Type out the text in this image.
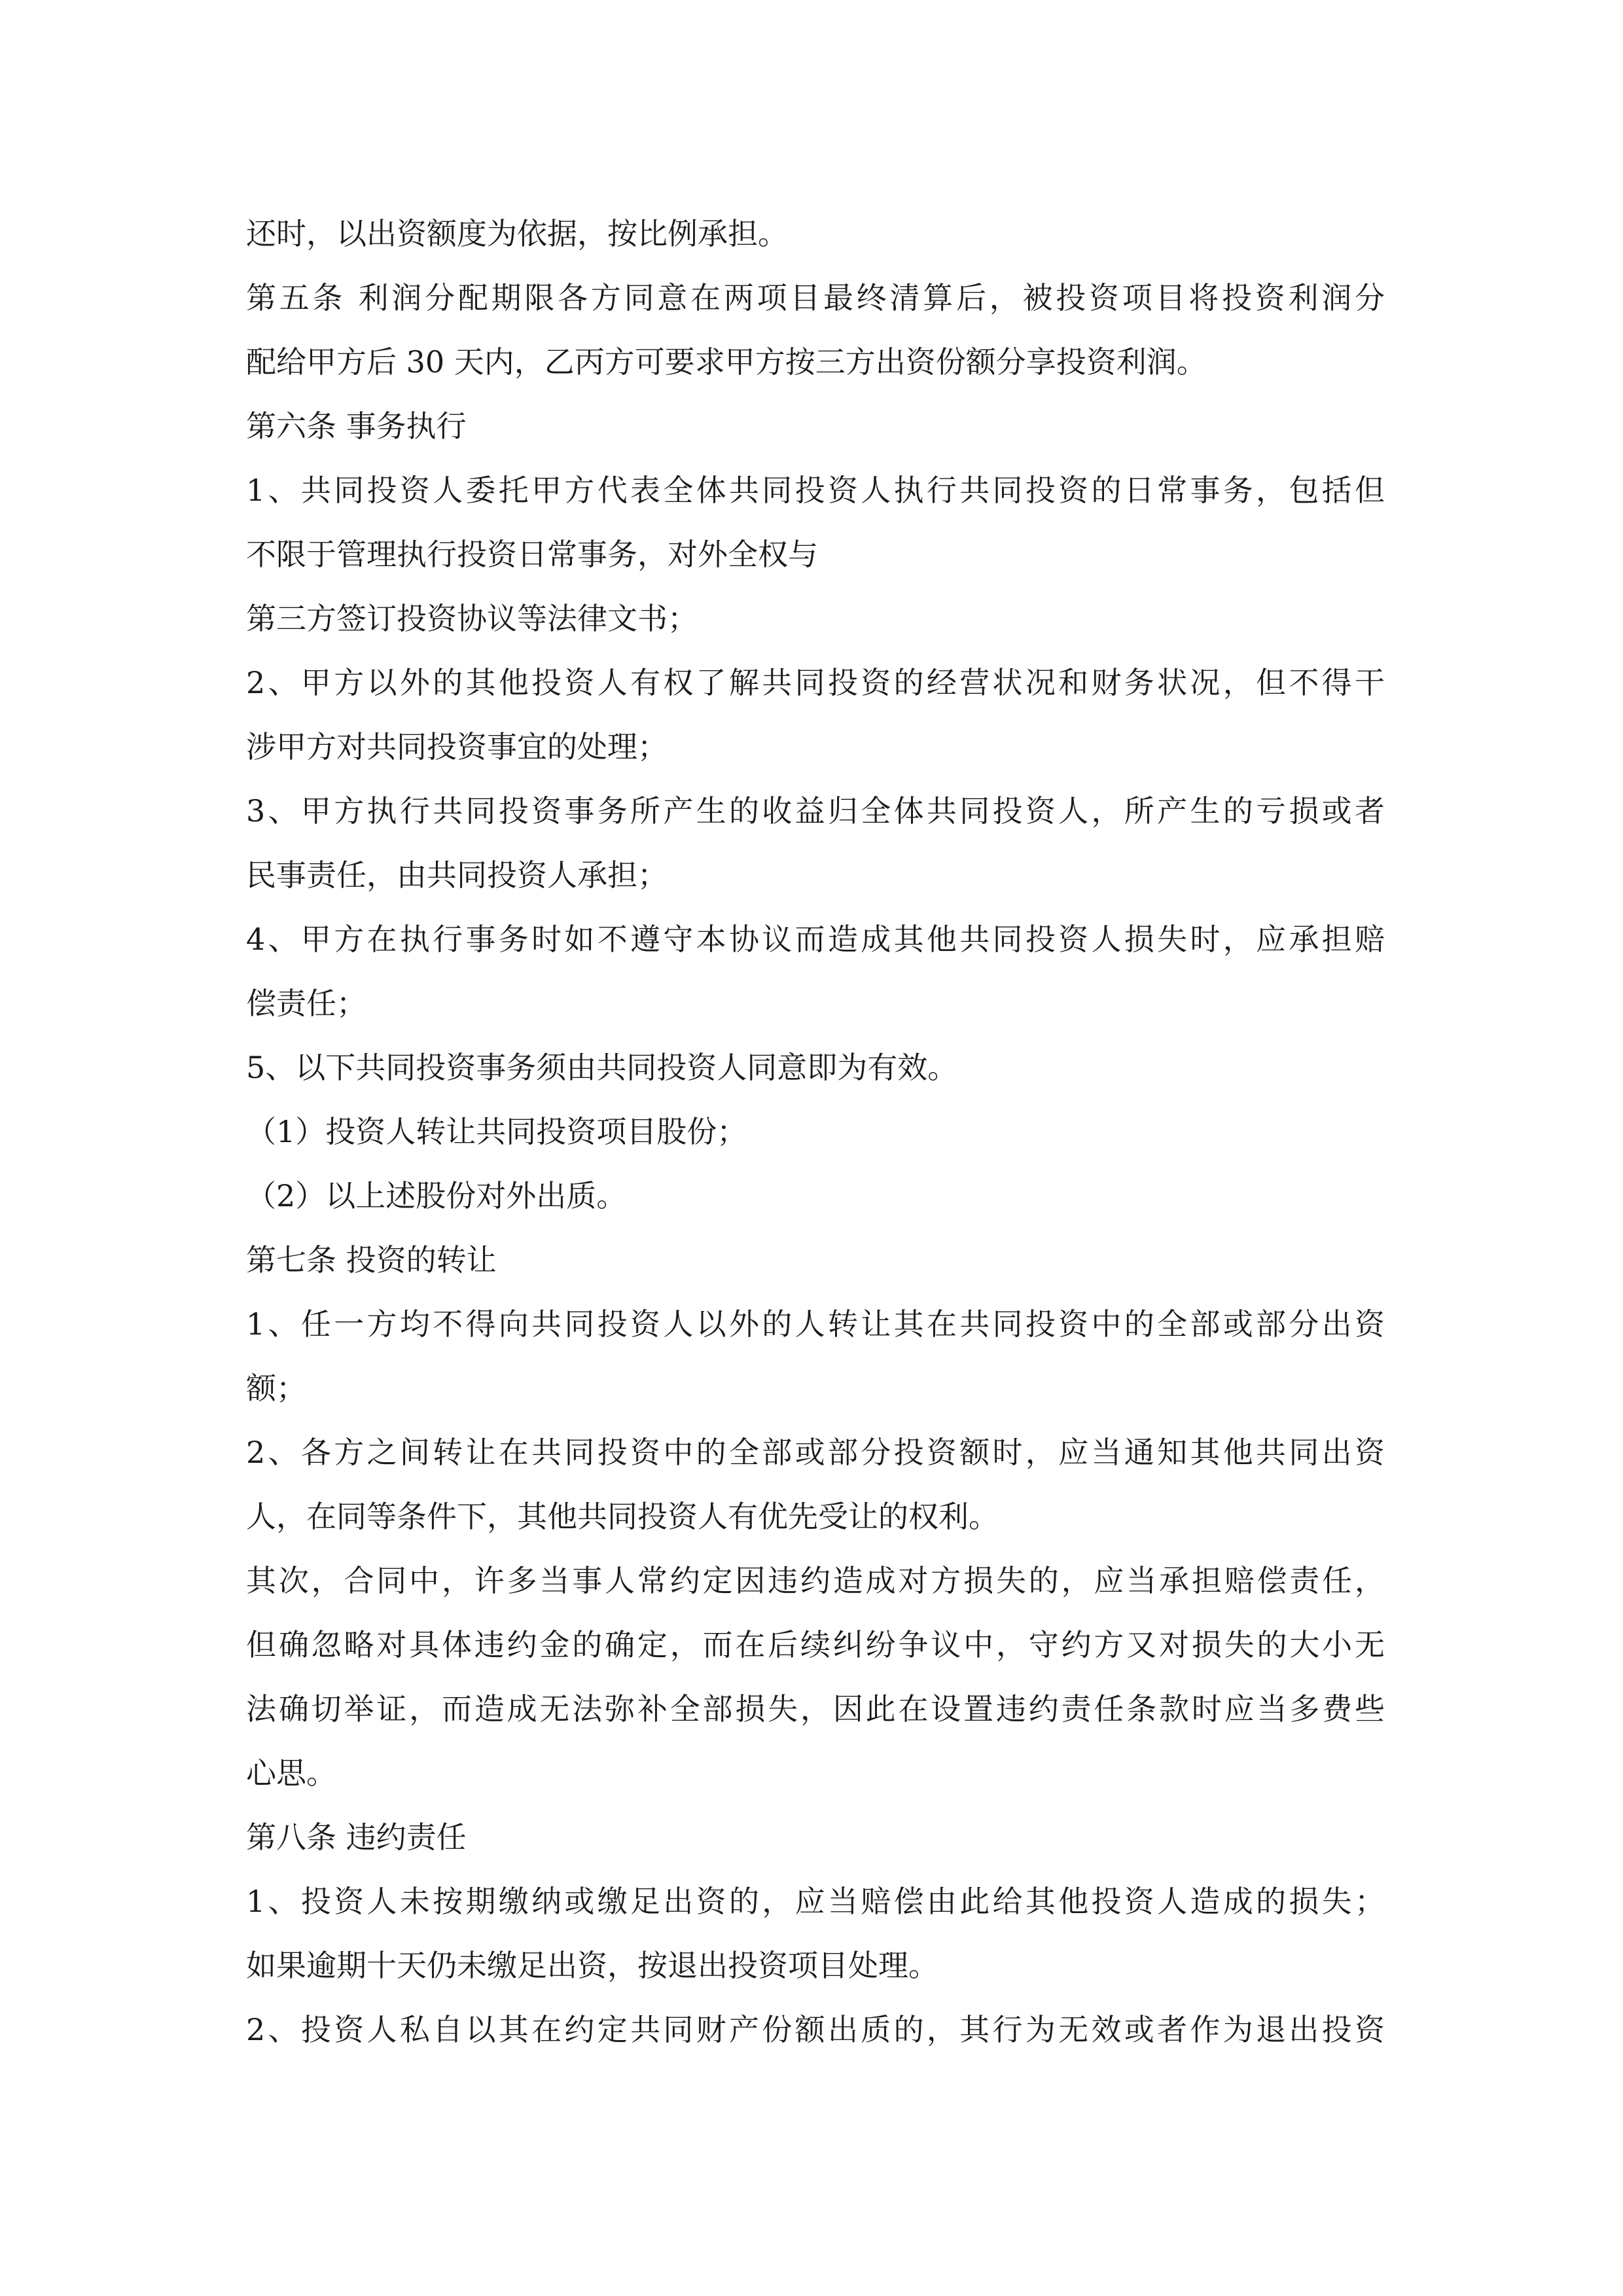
还时，以出资额度为依据，按比例承担。
第五条 利润分配期限各方同意在两项目最终清算后，被投资项目将投资利润分
配给甲方后 30 天内，乙丙方可要求甲方按三方出资份额分享投资利润。
第六条 事务执行
1、共同投资人委托甲方代表全体共同投资人执行共同投资的日常事务，包括但
不限于管理执行投资日常事务，对外全权与
第三方签订投资协议等法律文书；
2、甲方以外的其他投资人有权了解共同投资的经营状况和财务状况，但不得干
涉甲方对共同投资事宜的处理；
3、甲方执行共同投资事务所产生的收益归全体共同投资人，所产生的亏损或者
民事责任，由共同投资人承担；
4、甲方在执行事务时如不遵守本协议而造成其他共同投资人损失时，应承担赔
偿责任；
5、以下共同投资事务须由共同投资人同意即为有效。
（1）投资人转让共同投资项目股份；
（2）以上述股份对外出质。
第七条 投资的转让
1、任一方均不得向共同投资人以外的人转让其在共同投资中的全部或部分出资
额；
2、各方之间转让在共同投资中的全部或部分投资额时，应当通知其他共同出资
人，在同等条件下，其他共同投资人有优先受让的权利。
其次，合同中，许多当事人常约定因违约造成对方损失的，应当承担赔偿责任，
但确忽略对具体违约金的确定，而在后续纠纷争议中，守约方又对损失的大小无
法确切举证，而造成无法弥补全部损失，因此在设置违约责任条款时应当多费些
心思。
第八条 违约责任
1、投资人未按期缴纳或缴足出资的，应当赔偿由此给其他投资人造成的损失；
如果逾期十天仍未缴足出资，按退出投资项目处理。
2、投资人私自以其在约定共同财产份额出质的，其行为无效或者作为退出投资
